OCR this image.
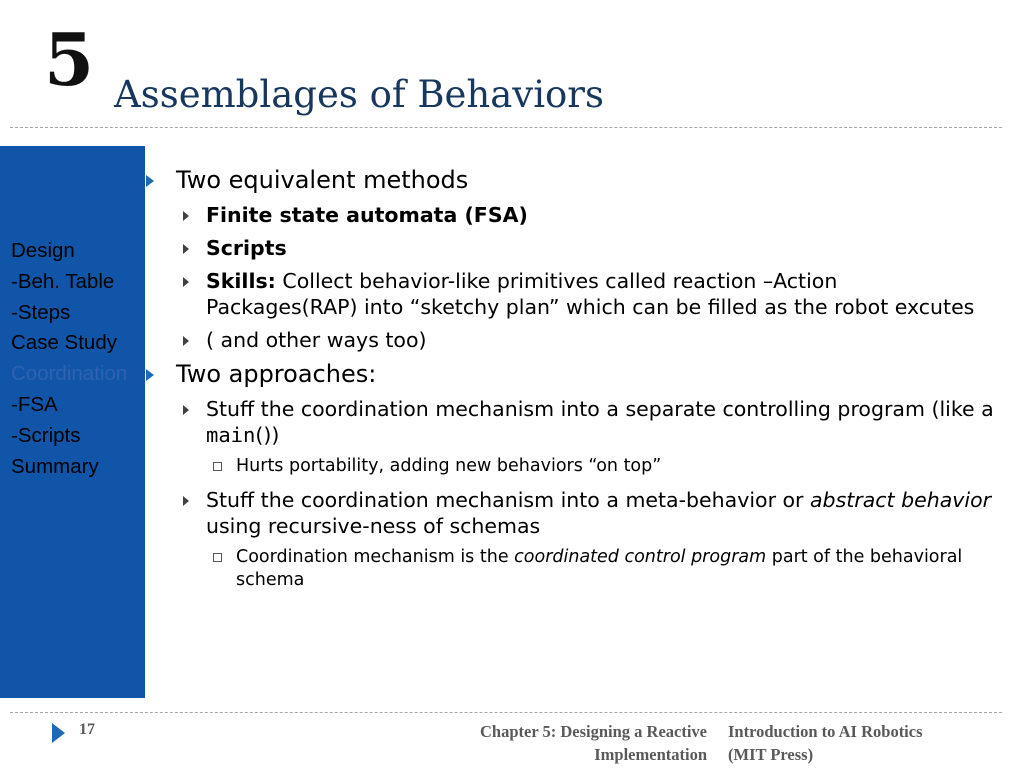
5 Assemblages of Behaviors
Design
-Beh. Table
-Steps
Case Study
Coordination
-FSA
-Scripts
Summary
Two equivalent methods
Finite state automata (FSA)
Scripts
Skills: Collect behavior-like primitives called reaction –Action Packages(RAP) into “sketchy plan” which can be filled as the robot excutes
( and other ways too)
Two approaches:
Stuff the coordination mechanism into a separate controlling program (like a main())
Hurts portability, adding new behaviors “on top”
Stuff the coordination mechanism into a meta-behavior or abstract behavior using recursive-ness of schemas
Coordination mechanism is the coordinated control program part of the behavioral schema
17	Chapter 5: Designing a Reactive
Implementation
Introduction to AI Robotics
(MIT Press)
